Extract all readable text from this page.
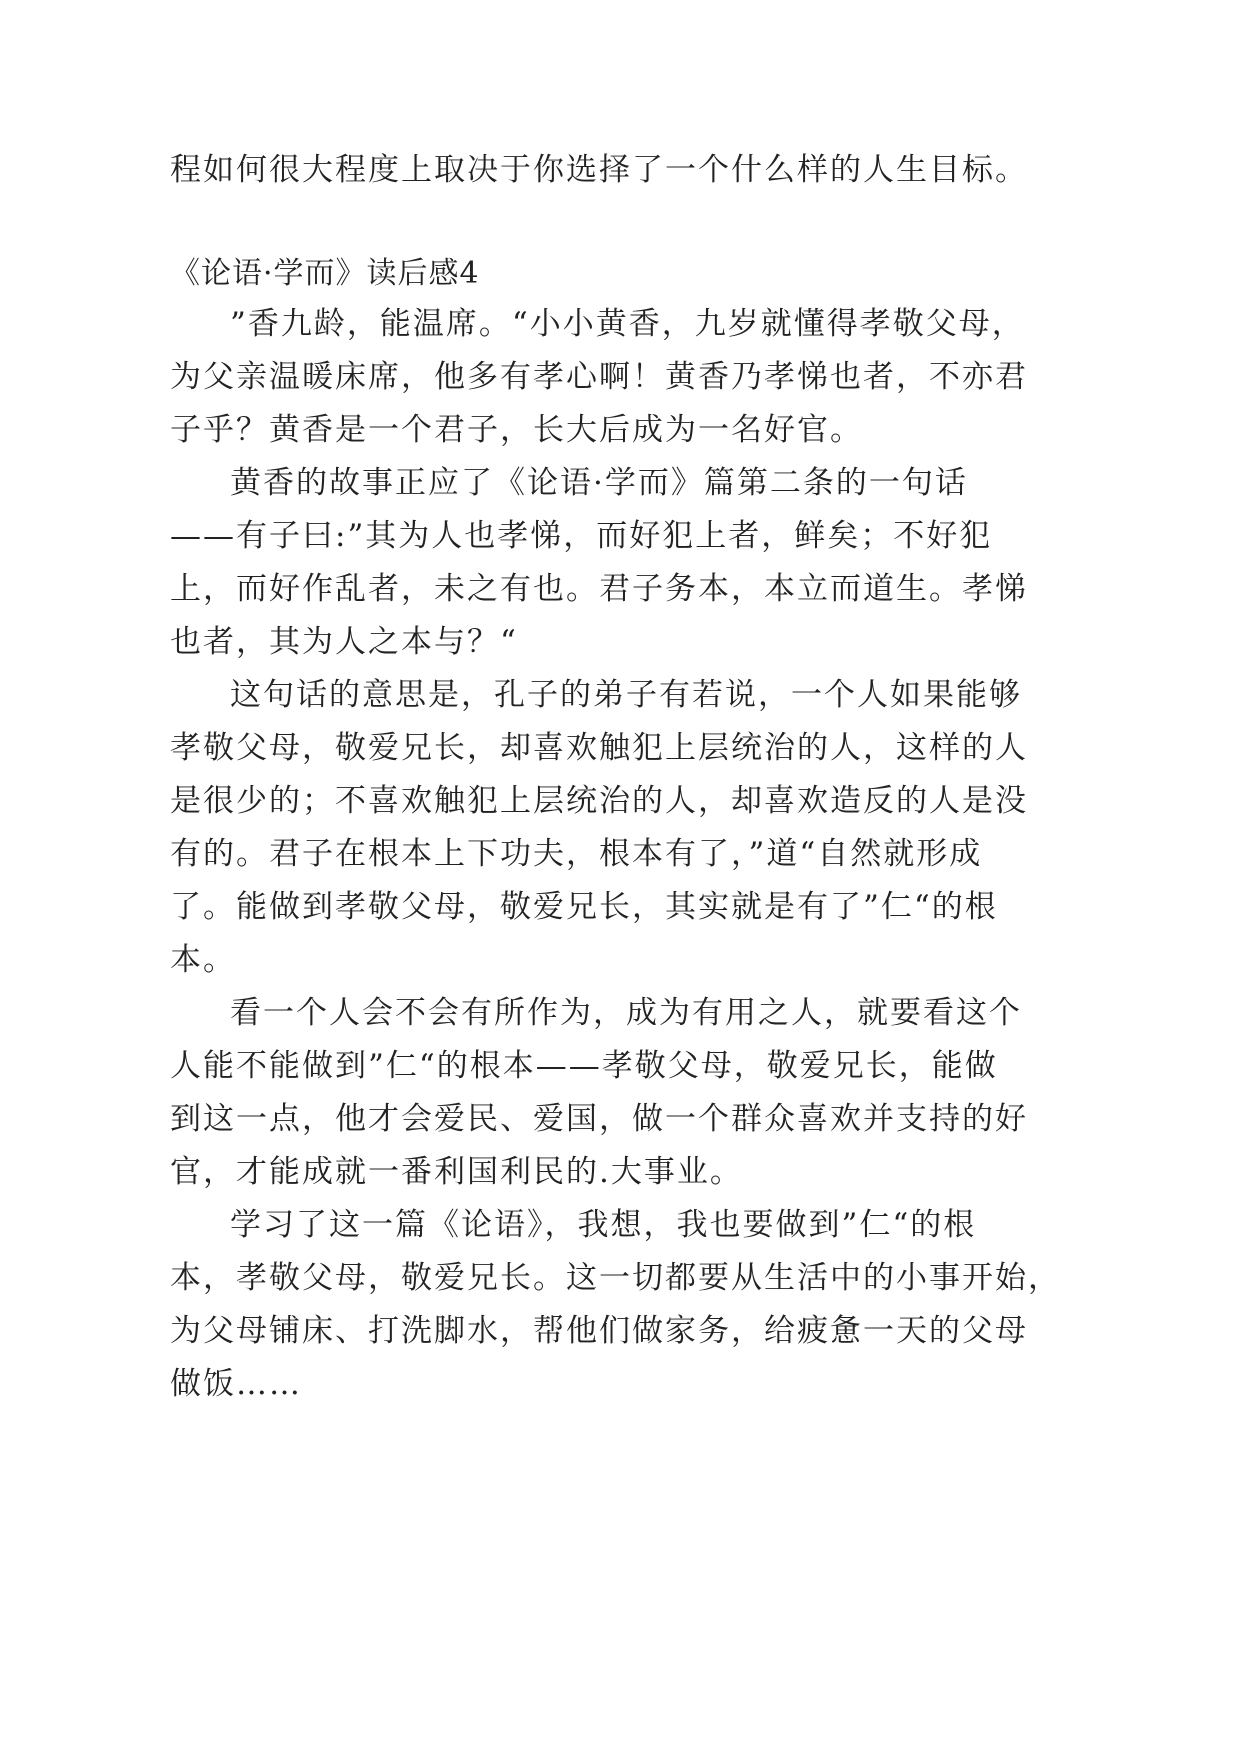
程如何很大程度上取决于你选择了一个什么样的人生目标。

《论语·学而》读后感4

”香九龄，能温席。“小小黄香，九岁就懂得孝敬父母，

为父亲温暖床席，他多有孝心啊！黄香乃孝悌也者，不亦君

子乎？黄香是一个君子，长大后成为一名好官。

黄香的故事正应了《论语·学而》篇第二条的一句话

——有子曰:”其为人也孝悌，而好犯上者，鲜矣；不好犯

上，而好作乱者，未之有也。君子务本，本立而道生。孝悌

也者，其为人之本与？“

这句话的意思是，孔子的弟子有若说，一个人如果能够

孝敬父母，敬爱兄长，却喜欢触犯上层统治的人，这样的人

是很少的；不喜欢触犯上层统治的人，却喜欢造反的人是没

有的。君子在根本上下功夫，根本有了，”道“自然就形成

了。能做到孝敬父母，敬爱兄长，其实就是有了”仁“的根

本。

看一个人会不会有所作为，成为有用之人，就要看这个

人能不能做到”仁“的根本——孝敬父母，敬爱兄长，能做

到这一点，他才会爱民、爱国，做一个群众喜欢并支持的好

官，才能成就一番利国利民的.大事业。

学习了这一篇《论语》，我想，我也要做到”仁“的根

本，孝敬父母，敬爱兄长。这一切都要从生活中的小事开始，

为父母铺床、打洗脚水，帮他们做家务，给疲惫一天的父母

做饭……
